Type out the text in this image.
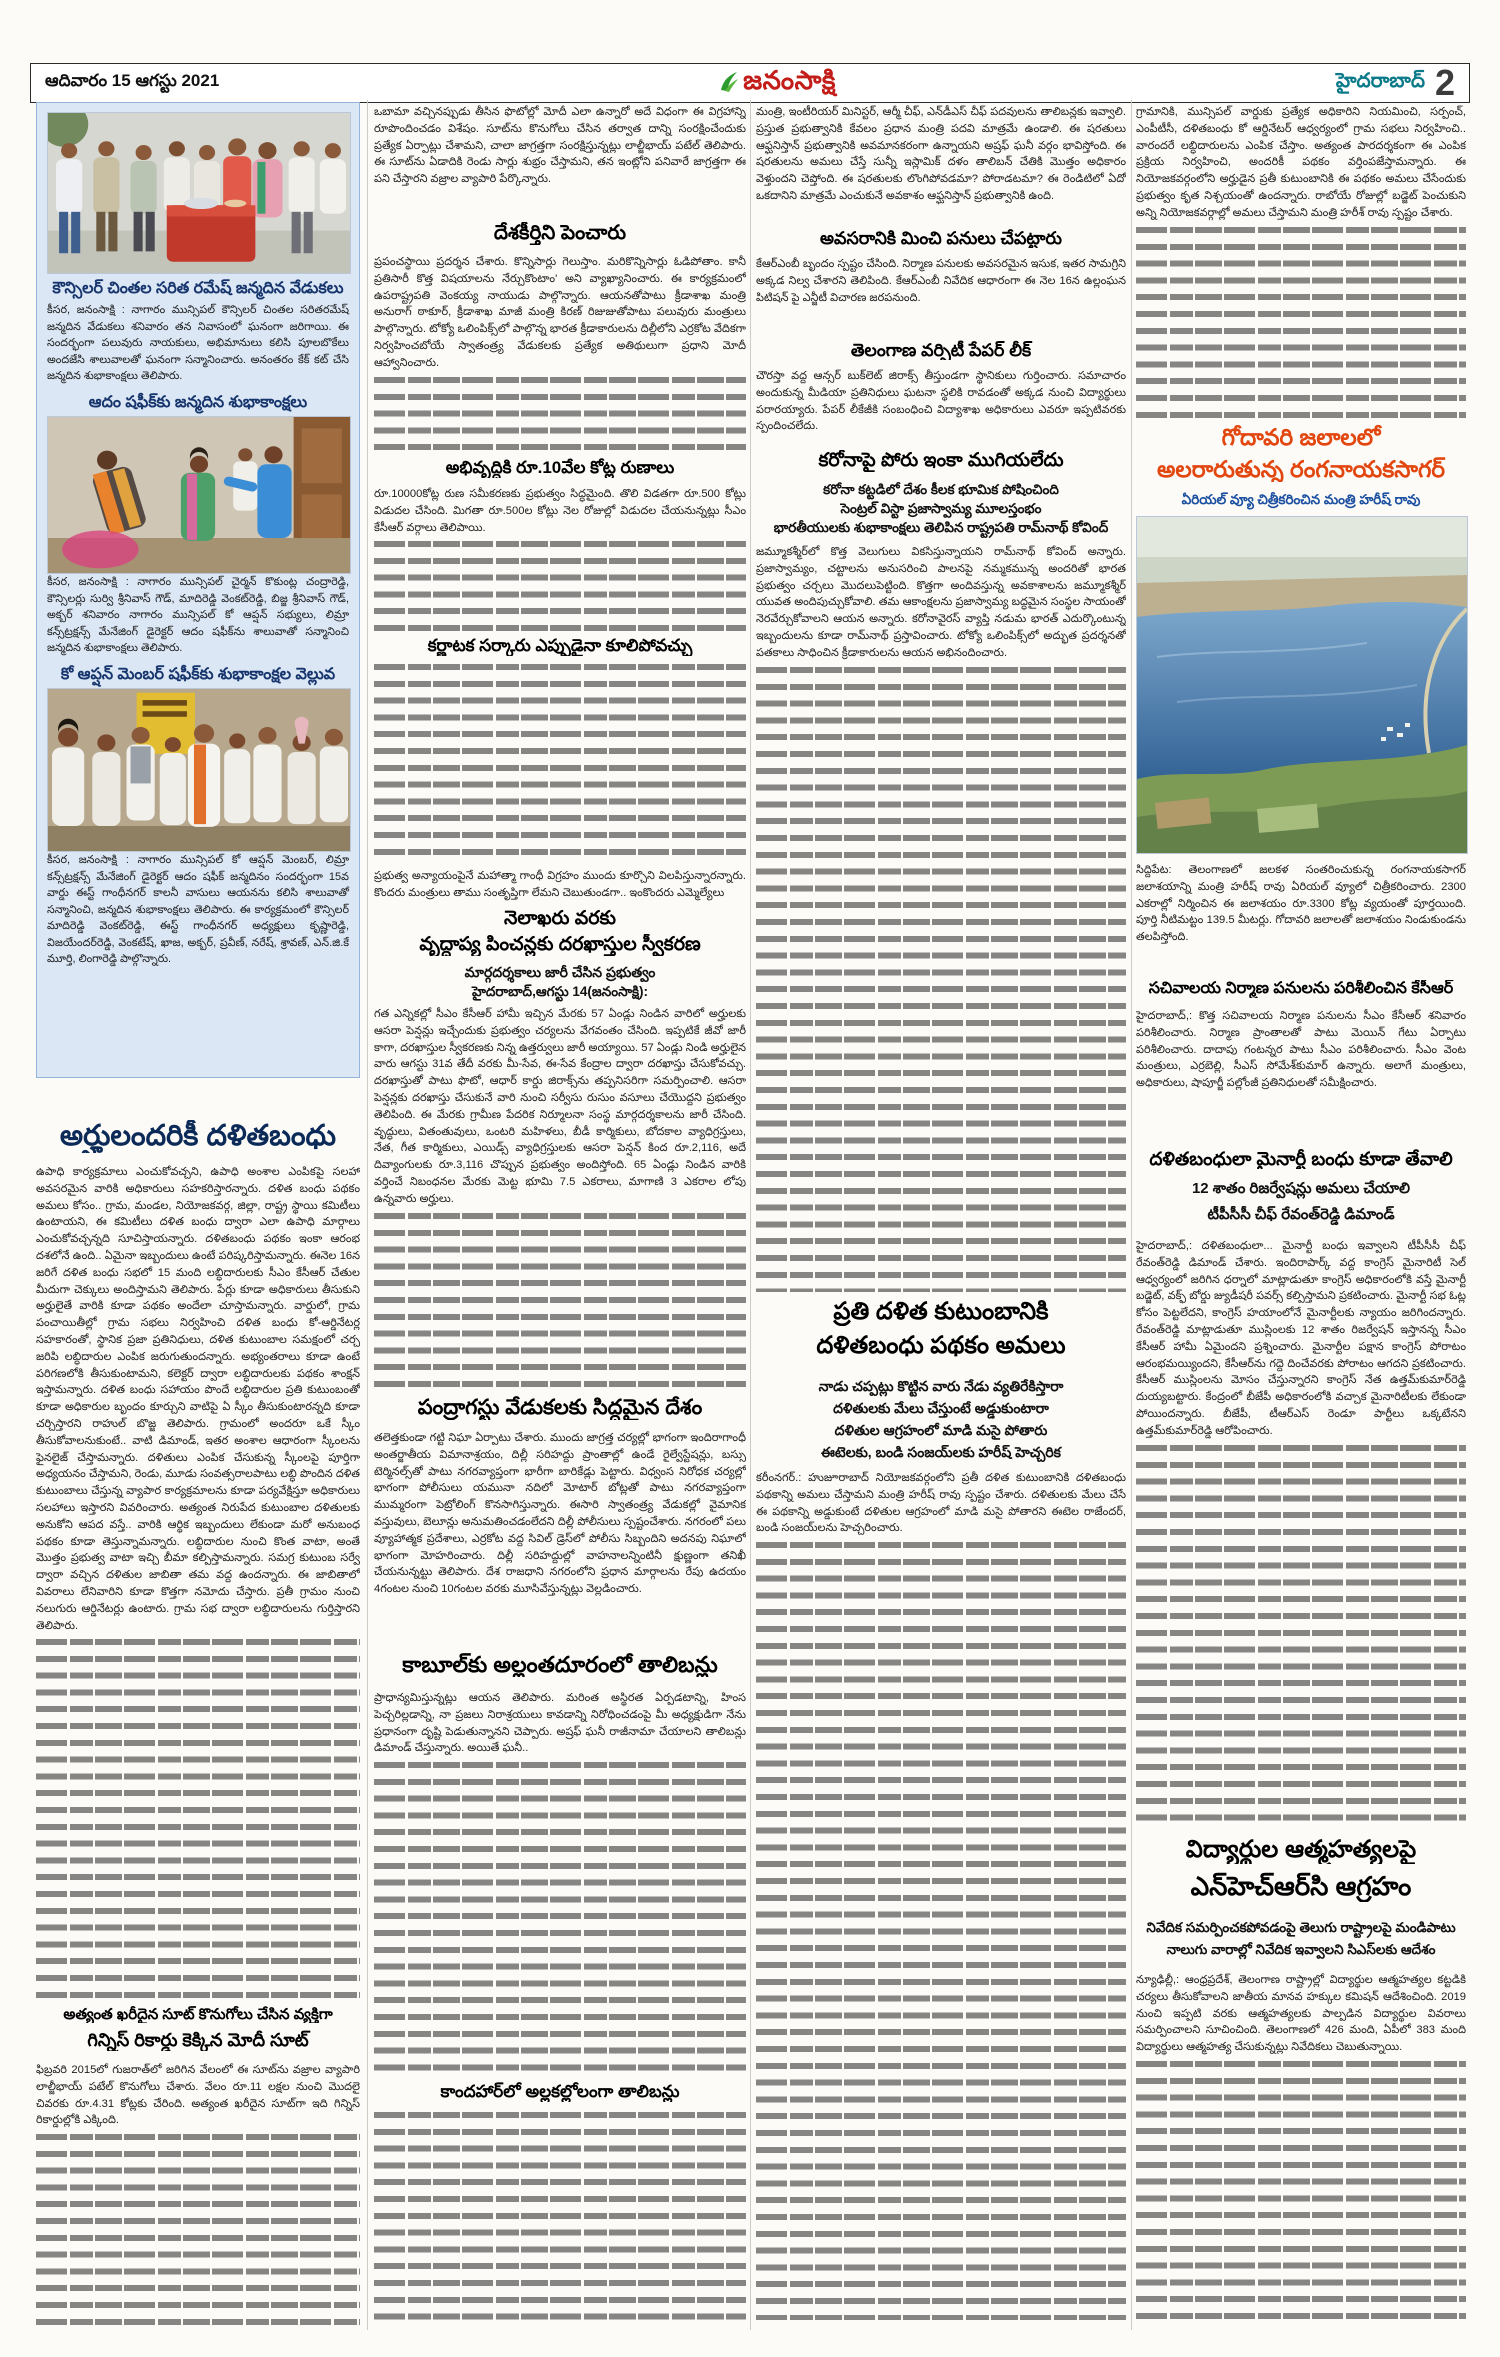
ఆదివారం 15 ఆగస్టు 2021	జనంసాక్షి	హైదరాబాద్ 2
కౌన్సిలర్ చింతల సరిత రమేష్ జన్మదిన వేడుకలు
కీసర, జనంసాక్షి : నాగారం మున్సిపల్ కౌన్సిలర్ చింతల సరితరమేష్ జన్మదిన వేడుకలు శనివారం తన నివాసంలో ఘనంగా జరిగాయి. ఈ సందర్భంగా పలువురు నాయకులు, అభిమానులు కలిసి పూలబొకేలు అందజేసి శాలువాలతో ఘనంగా సన్మానించారు. అనంతరం కేక్ కట్ చేసి జన్మదిన శుభాకాంక్షలు తెలిపారు.
ఆదం షఫీక్‌కు జన్మదిన శుభాకాంక్షలు
కీసర, జనంసాక్షి : నాగారం మున్సిపల్ చైర్మన్ కొకుంట్ల చంద్రారెడ్డి, కౌన్సిలర్లు సుర్వి శ్రీనివాస్ గౌడ్, మాదిరెడ్డి వెంకట్‌రెడ్డి, బిజ్జ శ్రీనివాస్ గౌడ్, అక్బర్ శనివారం నాగారం మున్సిపల్ కో ఆప్షన్ సభ్యులు, లిమ్రా కన్స్‌ట్రక్షన్స్ మేనేజింగ్ డైరెక్టర్ ఆదం షఫీక్‌ను శాలువాతో సన్మానించి జన్మదిన శుభాకాంక్షలు తెలిపారు.
కో ఆప్షన్ మెంబర్ షఫీక్‌కు శుభాకాంక్షల వెల్లువ
కీసర, జనంసాక్షి : నాగారం మున్సిపల్ కో ఆప్షన్ మెంబర్, లిమ్రా కన్స్‌ట్రక్షన్స్ మేనేజింగ్ డైరెక్టర్ ఆదం షఫీక్ జన్మదినం సందర్భంగా 15వ వార్డు ఈస్ట్ గాంధీనగర్ కాలనీ వాసులు ఆయనను కలిసి శాలువాతో సన్మానించి, జన్మదిన శుభాకాంక్షలు తెలిపారు. ఈ కార్యక్రమంలో కౌన్సిలర్ మాదిరెడ్డి వెంకట్‌రెడ్డి, ఈస్ట్ గాంధీనగర్ అధ్యక్షులు కృష్ణారెడ్డి, విజయేందర్‌రెడ్డి, వెంకటేష్, ఖాజ, అక్బర్, ప్రవీణ్, నరేష్, శ్రావణ్, ఎన్.జి.కే మూర్తి, లింగారెడ్డి పాల్గొన్నారు.
అర్హులందరికీ దళితబంధు
ఉపాధి కార్యక్రమాలు ఎంచుకోవచ్చని, ఉపాధి అంశాల ఎంపికపై సలహా అవసరమైన వారికి అధికారులు సహకరిస్తారన్నారు. దళిత బంధు పథకం అమలు కోసం.. గ్రామ, మండల, నియోజకవర్గ, జిల్లా, రాష్ట్ర స్థాయి కమిటీలు ఉంటాయని, ఈ కమిటీలు దళిత బంధు ద్వారా ఎలా ఉపాధి మార్గాలు ఎంచుకోవచ్చన్నది సూచిస్తాయన్నారు. దళితబంధు పథకం ఇంకా ఆరంభ దశలోనే ఉంది.. ఏమైనా ఇబ్బందులు ఉంటే పరిష్కరిస్తామన్నారు. ఈనెల 16న జరిగే దళిత బంధు సభలో 15 మంది లబ్ధిదారులకు సీఎం కేసీఆర్ చేతుల మీదుగా చెక్కులు అందిస్తామని తెలిపారు. పేర్లు కూడా అధికారులు తీసుకుని అర్హులైతే వారికి కూడా పథకం అందేలా చూస్తామన్నారు. వార్డులో, గ్రామ పంచాయితీల్లో గ్రామ సభలు నిర్వహించి దళిత బంధు కో-ఆర్డినేటర్ల సహకారంతో, స్థానిక ప్రజా ప్రతినిధులు, దళిత కుటుంబాల సమక్షంలో చర్చ జరిపి లబ్ధిదారుల ఎంపిక జరుగుతుందన్నారు. అభ్యంతరాలు కూడా ఉంటే పరిగణలోకి తీసుకుంటామని, కలెక్టర్ ద్వారా లబ్ధిదారులకు పథకం శాంక్షన్ ఇస్తామన్నారు. దళిత బంధు సహాయం పొందే లబ్ధిదారుల ప్రతి కుటుంబంతో కూడా అధికారుల బృందం కూర్చుని వాటిపై ఏ స్కీం తీసుకుంటారన్నది కూడా చర్చిస్తారని రాహుల్ బొజ్జ తెలిపారు. గ్రామంలో అందరూ ఒకే స్కీం తీసుకోవాలనుకుంటే.. వాటి డిమాండ్, ఇతర అంశాల ఆధారంగా స్కీంలను ఫైనలైజ్ చేస్తామన్నారు. దళితులు ఎంపిక చేసుకున్న స్కీంలపై పూర్తిగా అధ్యయనం చేస్తామని, రెండు, మూడు సంవత్సరాలపాటు లబ్ధి పొందిన దళిత కుటుంబాలు చేస్తున్న వ్యాపార కార్యక్రమాలను కూడా పర్యవేక్షిస్తూ అధికారులు సలహాలు ఇస్తారని వివరించారు. అత్యంత నిరుపేద కుటుంబాల దళితులకు అనుకోని ఆపద వస్తే.. వారికి ఆర్థిక ఇబ్బందులు లేకుండా మరో అనుబంధ పథకం కూడా తెస్తున్నామన్నారు. లబ్ధిదారుల నుంచి కొంత వాటా, అంతే మొత్తం ప్రభుత్వ వాటా ఇచ్చి బీమా కల్పిస్తామన్నారు. సమగ్ర కుటుంబ సర్వే ద్వారా వచ్చిన దళితుల జాబితా తమ వద్ద ఉందన్నారు. ఈ జాబితాలో వివరాలు లేనివారిని కూడా కొత్తగా నమోదు చేస్తారు. ప్రతీ గ్రామం నుంచి నలుగురు ఆర్డినేటర్లు ఉంటారు. గ్రామ సభ ద్వారా లబ్ధిదారులను గుర్తిస్తారని తెలిపారు.
అత్యంత ఖరీదైన సూట్ కొనుగోలు చేసిన వ్యక్తిగా
గిన్నిస్ రికార్డు కెక్కిన మోదీ సూట్
ఫిబ్రవరి 2015లో గుజరాత్‌లో జరిగిన వేలంలో ఈ సూట్‌ను వజ్రాల వ్యాపారి లాల్జీభాయ్ పటేల్ కొనుగోలు చేశారు. వేలం రూ.11 లక్షల నుంచి మొదలై చివరకు రూ.4.31 కోట్లకు చేరింది. అత్యంత ఖరీదైన సూట్‌గా ఇది గిన్నిస్ రికార్డుల్లోకి ఎక్కింది.
ఒబామా వచ్చినప్పుడు తీసిన ఫొటోల్లో మోదీ ఎలా ఉన్నారో అదే విధంగా ఈ విగ్రహాన్ని రూపొందించడం విశేషం. సూట్‌ను కొనుగోలు చేసిన తర్వాత దాన్ని సంరక్షించేందుకు ప్రత్యేక ఏర్పాట్లు చేశామని, చాలా జాగ్రత్తగా సంరక్షిస్తున్నట్లు లాల్జీభాయ్ పటేల్ తెలిపారు. ఈ సూట్‌ను ఏడాదికి రెండు సార్లు శుభ్రం చేస్తామని, తన ఇంట్లోని పనివారే జాగ్రత్తగా ఈ పని చేస్తారని వజ్రాల వ్యాపారి పేర్కొన్నారు.
దేశకీర్తిని పెంచారు
ప్రపంచస్థాయి ప్రదర్శన చేశారు. కొన్నిసార్లు గెలుస్తాం. మరికొన్నిసార్లు ఓడిపోతాం. కానీ ప్రతిసారీ కొత్త విషయాలను నేర్చుకొంటాం' అని వ్యాఖ్యానించారు. ఈ కార్యక్రమంలో ఉపరాష్ట్రపతి వెంకయ్య నాయుడు పాల్గొన్నారు. ఆయనతోపాటు క్రీడాశాఖ మంత్రి అనురాగ్ ఠాకూర్, క్రీడాశాఖ మాజీ మంత్రి కిరణ్ రిజుజుతోపాటు పలువురు మంత్రులు పాల్గొన్నారు. టోక్యో ఒలింపిక్స్‌లో పాల్గొన్న భారత క్రీడాకారులను దిల్లీలోని ఎర్రకోట వేదికగా నిర్వహించబోయే స్వాతంత్ర్య వేడుకలకు ప్రత్యేక అతిథులుగా ప్రధాని మోదీ ఆహ్వానించారు.
అభివృద్ధికి రూ.10వేల కోట్ల రుణాలు
రూ.10000కోట్ల రుణ సమీకరణకు ప్రభుత్వం సిద్ధమైంది. తొలి విడతగా రూ.500 కోట్లు విడుదల చేసింది. మిగతా రూ.500ల కోట్లు నెల రోజుల్లో విడుదల చేయనున్నట్లు సీఎం కేసీఆర్ వర్గాలు తెలిపాయి.
కర్ణాటక సర్కారు ఎప్పుడైనా కూలిపోవచ్చు
ప్రభుత్వ అన్యాయంపైనే మహాత్మా గాంధీ విగ్రహం ముందు కూర్చొని విలపిస్తున్నారన్నారు. కొందరు మంత్రులు తాము సంతృప్తిగా లేమని చెబుతుండగా.. ఇంకొందరు ఎమ్మెల్యేలు
నెలాఖరు వరకు
వృద్ధాప్య పించన్లకు దరఖాస్తుల స్వీకరణ
మార్గదర్శకాలు జారీ చేసిన ప్రభుత్వం
హైదరాబాద్,ఆగస్టు 14(జనంసాక్షి):
గత ఎన్నికల్లో సీఎం కేసీఆర్ హామీ ఇచ్చిన మేరకు 57 ఏండ్లు నిండిన వారిలో అర్హులకు ఆసరా పెన్షన్లు ఇచ్చేందుకు ప్రభుత్వం చర్యలను వేగవంతం చేసింది. ఇప్పటికే జీవో జారీ కాగా, దరఖాస్తుల స్వీకరణకు నిన్న ఉత్తర్వులు జారీ అయ్యాయి. 57 ఏండ్లు నిండి అర్హులైన వారు ఆగస్టు 31వ తేదీ వరకు మీ-సేవ, ఈ-సేవ కేంద్రాల ద్వారా దరఖాస్తు చేసుకోవచ్చు. దరఖాస్తుతో పాటు ఫొటో, ఆధార్ కార్డు జిరాక్స్‌ను తప్పనిసరిగా సమర్పించాలి. ఆసరా పెన్షన్లకు దరఖాస్తు చేసుకునే వారి నుంచి సర్వీసు రుసుం వసూలు చేయొద్దని ప్రభుత్వం తెలిపింది. ఈ మేరకు గ్రామీణ పేదరిక నిర్మూలనా సంస్థ మార్గదర్శకాలను జారీ చేసింది. వృద్ధులు, వితంతువులు, ఒంటరి మహిళలు, బీడీ కార్మికులు, బోదకాల వ్యాధిగ్రస్తులు, నేత, గీత కార్మికులు, ఎయిడ్స్ వ్యాధిగ్రస్తులకు ఆసరా పెన్షన్ కింద రూ.2,116, అదే దివ్యాంగులకు రూ.3,116 చొప్పున ప్రభుత్వం అందిస్తోంది. 65 ఏండ్లు నిండిన వారికి వర్తించే నిబంధనల మేరకు మెట్ట భూమి 7.5 ఎకరాలు, మాగాణి 3 ఎకరాల లోపు ఉన్నవారు అర్హులు.
పంద్రాగస్టు వేడుకలకు సిద్ధమైన దేశం
తలెత్తకుండా గట్టి నిఘా ఏర్పాటు చేశారు. ముందు జాగ్రత్త చర్యల్లో భాగంగా ఇందిరాగాంధీ అంతర్జాతీయ విమానాశ్రయం, దిల్లీ సరిహద్దు ప్రాంతాల్లో ఉండే రైల్వేస్టేషన్లు, బస్సు టెర్మినల్స్‌తో పాటు నగరవ్యాప్తంగా భారీగా బారికేడ్లు పెట్టారు. విధ్వంస నిరోధక చర్యల్లో భాగంగా పోలీసులు యమునా నదిలో మోటార్ బోట్లతో పాటు నగరవ్యాప్తంగా ముమ్మరంగా పెట్రోలింగ్ కొనసాగిస్తున్నారు. ఈసారి స్వాతంత్ర్య వేడుకల్లో వైమానిక వస్తువులు, బెలూన్లు అనుమతించడంలేదని దిల్లీ పోలీసులు స్పష్టంచేశారు. నగరంలో పలు వ్యూహాత్మక ప్రదేశాలు, ఎర్రకోట వద్ద సివిల్ డ్రెస్‌లో పోలీసు సిబ్బందిని అదనపు నిఘాలో భాగంగా మోహరించారు. దిల్లీ సరిహద్దుల్లో వాహనాలన్నింటినీ క్షుణ్ణంగా తనిఖీ చేయనున్నట్టు తెలిపారు. దేశ రాజధాని నగరంలోని ప్రధాన మార్గాలను రేపు ఉదయం 4గంటల నుంచి 10గంటల వరకు మూసివేస్తున్నట్లు వెల్లడించారు.
కాబూల్‌కు అల్లంతదూరంలో తాలిబన్లు
ప్రాధాన్యమిస్తున్నట్లు ఆయన తెలిపారు. మరింత అస్థిరత ఏర్పడటాన్ని, హింస పెచ్చరిల్లడాన్ని, నా ప్రజలు నిరాశ్రయులు కావడాన్ని నిరోధించడంపై మీ అధ్యక్షుడిగా నేను ప్రధానంగా దృష్టి పెడుతున్నానని చెప్పారు. అష్రఫ్ ఘనీ రాజీనామా చేయాలని తాలిబన్లు డిమాండ్ చేస్తున్నారు. అయితే ఘనీ..
కాందహార్‌లో అల్లకల్లోలంగా తాలిబన్లు
మంత్రి, ఇంటీరియర్ మినిస్టర్, ఆర్మీ చీఫ్, ఎన్‌డీఎస్ చీఫ్ పదవులను తాలిబన్లకు ఇవ్వాలి. ప్రస్తుత ప్రభుత్వానికి కేవలం ప్రధాన మంత్రి పదవి మాత్రమే ఉండాలి. ఈ షరతులు ఆఫ్ఘనిస్తాన్ ప్రభుత్వానికి అవమానకరంగా ఉన్నాయని అష్రఫ్ ఘనీ వర్గం భావిస్తోంది. ఈ షరతులను అమలు చేస్తే సున్నీ ఇస్లామిక్ దళం తాలిబన్ చేతికి మొత్తం అధికారం వెళ్తుందని చెప్తోంది. ఈ షరతులకు లొంగిపోవడమా? పోరాడటమా? ఈ రెండిటిలో ఏదో ఒకదానిని మాత్రమే ఎంచుకునే అవకాశం ఆఫ్ఘనిస్తాన్ ప్రభుత్వానికి ఉంది.
అవసరానికి మించి పనులు చేపట్టారు
కేఆర్ఎంబీ బృందం స్పష్టం చేసింది. నిర్మాణ పనులకు అవసరమైన ఇసుక, ఇతర సామగ్రిని అక్కడ నిల్వ చేశారని తెలిపింది. కేఆర్ఎంబీ నివేదిక ఆధారంగా ఈ నెల 16న ఉల్లంఘన పిటిషన్ పై ఎన్జీటీ విచారణ జరపనుంది.
తెలంగాణ వర్సిటీ పేపర్ లీక్
చౌరస్తా వద్ద ఆన్సర్ బుక్‌లెట్ జిరాక్స్ తీస్తుండగా స్థానికులు గుర్తించారు. సమాచారం అందుకున్న మీడియా ప్రతినిధులు ఘటనా స్థలికి రావడంతో అక్కడ నుంచి విద్యార్థులు పరారయ్యారు. పేపర్ లీకేజీకి సంబంధించి విద్యాశాఖ అధికారులు ఎవరూ ఇప్పటివరకు స్పందించలేదు.
కరోనాపై పోరు ఇంకా ముగియలేదు
కరోనా కట్టడిలో దేశం కీలక భూమిక పోషించింది
సెంట్రల్ విస్టా ప్రజాస్వామ్య మూలస్తంభం
భారతీయులకు శుభాకాంక్షలు తెలిపిన రాష్ట్రపతి రామ్‌నాథ్ కోవింద్
జమ్మూకశ్మీర్‌లో కొత్త వెలుగులు వికసిస్తున్నాయని రామ్‌నాథ్ కోవింద్ అన్నారు. ప్రజాస్వామ్యం, చట్టాలను అనుసరించి పాలనపై నమ్మకమున్న అందరితో భారత ప్రభుత్వం చర్చలు మొదలుపెట్టింది. కొత్తగా అందివస్తున్న అవకాశాలను జమ్మూకశ్మీర్ యువత అందిపుచ్చుకోవాలి. తమ ఆకాంక్షలను ప్రజాస్వామ్య బద్ధమైన సంస్థల సాయంతో నెరవేర్చుకోవాలని ఆయన అన్నారు. కరోనావైరస్ వ్యాప్తి నడుమ భారత్ ఎదుర్కొంటున్న ఇబ్బందులను కూడా రామ్‌నాథ్ ప్రస్తావించారు. టోక్యో ఒలింపిక్స్‌లో అద్భుత ప్రదర్శనతో పతకాలు సాధించిన క్రీడాకారులను ఆయన అభినందించారు.
ప్రతి దళిత కుటుంబానికి
దళితబంధు పథకం అమలు
నాడు చప్పట్లు కొట్టిన వారు నేడు వ్యతిరేకిస్తారా
దళితులకు మేలు చేస్తుంటే అడ్డుకుంటారా
దళితుల ఆగ్రహంలో మాడి మసై పోతారు
ఈటెలకు, బండి సంజయ్‌లకు హరీష్ హెచ్చరిక
కరీంనగర్.: హుజూరాబాద్ నియోజకవర్గంలోని ప్రతీ దళిత కుటుంబానికి దళితబంధు పథకాన్ని అమలు చేస్తామని మంత్రి హరీష్ రావు స్పష్టం చేశారు. దళితులకు మేలు చేసే ఈ పథకాన్ని అడ్డుకుంటే దళితుల ఆగ్రహంలో మాడి మసై పోతారని ఈటెల రాజేందర్, బండి సంజయ్‌లను హెచ్చరించారు.
గ్రామానికి, మున్సిపల్ వార్డుకు ప్రత్యేక అధికారిని నియమించి, సర్పంచ్, ఎంపీటీసీ, దళితబంధు కో ఆర్డినేటర్ ఆధ్వర్యంలో గ్రామ సభలు నిర్వహించి.. వారందరే లబ్ధిదారులను ఎంపిక చేస్తాం. అత్యంత పారదర్శకంగా ఈ ఎంపిక ప్రక్రియ నిర్వహించి, అందరికీ పథకం వర్తింపజేస్తామన్నారు. ఈ నియోజకవర్గంలోని అర్హుడైన ప్రతీ కుటుంబానికి ఈ పథకం అమలు చేసేందుకు ప్రభుత్వం కృత నిశ్చయంతో ఉందన్నారు. రాబోయే రోజుల్లో బడ్జెట్ పెంచుకుని అన్ని నియోజకవర్గాల్లో అమలు చేస్తామని మంత్రి హరీశ్ రావు స్పష్టం చేశారు.
గోదావరి జలాలలో
అలరారుతున్న రంగనాయకసాగర్
ఏరియల్ వ్యూ చిత్రీకరించిన మంత్రి హరీష్ రావు
సిద్దిపేట: తెలంగాణలో జలకళ సంతరించుకున్న రంగనాయకసాగర్ జలాశయాన్ని మంత్రి హరీష్ రావు ఏరియల్ వ్యూలో చిత్రీకరించారు. 2300 ఎకరాల్లో నిర్మించిన ఈ జలాశయం రూ.3300 కోట్ల వ్యయంతో పూర్తయింది. పూర్తి నీటిమట్టం 139.5 మీటర్లు. గోదావరి జలాలతో జలాశయం నిండుకుండను తలపిస్తోంది.
సచివాలయ నిర్మాణ పనులను పరిశీలించిన కేసీఆర్
హైదరాబాద్,: కొత్త సచివాలయ నిర్మాణ పనులను సీఎం కేసీఆర్ శనివారం పరిశీలించారు. నిర్మాణ ప్రాంతాలతో పాటు మెయిన్ గేటు ఏర్పాటు పరిశీలించారు. దాదాపు గంటన్నర పాటు సీఎం పరిశీలించారు. సీఎం వెంట మంత్రులు, ఎర్రబెల్లి, సీఎస్ సోమేశ్‌కుమార్ ఉన్నారు. అలాగే మంత్రులు, అధికారులు, షాపూర్జీ పల్లోంజీ ప్రతినిధులతో సమీక్షించారు.
దళితబంధులా మైనార్టీ బంధు కూడా తేవాలి
12 శాతం రిజర్వేషన్లు అమలు చేయాలి
టీపీసీసీ చీఫ్ రేవంత్‌రెడ్డి డిమాండ్
హైదరాబాద్,: దళితబంధులా... మైనార్టీ బంధు ఇవ్వాలని టీపీసీసీ చీఫ్ రేవంత్‌రెడ్డి డిమాండ్ చేశారు. ఇందిరాపార్క్ వద్ద కాంగ్రెస్ మైనారిటీ సెల్ ఆధ్వర్యంలో జరిగిన ధర్నాలో మాట్లాడుతూ కాంగ్రెస్ అధికారంలోకి వస్తే మైనార్టీ బడ్జెట్, వక్ఫ్ బోర్డు జ్యుడీషరీ పవర్స్ కల్పిస్తామని ప్రకటించారు. మైనార్టీ సభ ఓట్ల కోసం పెట్టలేదని, కాంగ్రెస్ హయాంలోనే మైనార్టీలకు న్యాయం జరిగిందన్నారు. రేవంత్‌రెడ్డి మాట్లాడుతూ ముస్లింలకు 12 శాతం రిజర్వేషన్ ఇస్తానన్న సీఎం కేసీఆర్ హామీ ఏమైందని ప్రశ్నించారు. మైనార్టీల పక్షాన కాంగ్రెస్ పోరాటం ఆరంభమయ్యిందని, కేసీఆర్‌ను గద్దె దించేవరకు పోరాటం ఆగదని ప్రకటించారు. కేసీఆర్ ముస్లింలను మోసం చేస్తున్నారని కాంగ్రెస్ నేత ఉత్తమ్‌కుమార్‌రెడ్డి దుయ్యబట్టారు. కేంద్రంలో బీజేపీ అధికారంలోకి వచ్చాక మైనారిటీలకు లేకుండా పోయిందన్నారు. బీజేపీ, టీఆర్ఎస్ రెండూ పార్టీలు ఒక్కటేనని ఉత్తమ్‌కుమార్‌రెడ్డి ఆరోపించారు.
విద్యార్థుల ఆత్మహత్యలపై
ఎన్‌హెచ్ఆర్‌సి ఆగ్రహం
నివేదిక సమర్పించకపోవడంపై తెలుగు రాష్ట్రాలపై మండిపాటు
నాలుగు వారాల్లో నివేదిక ఇవ్వాలని సిఎస్‌లకు ఆదేశం
న్యూఢిల్లీ,: ఆంధ్రప్రదేశ్, తెలంగాణ రాష్ట్రాల్లో విద్యార్థుల ఆత్మహత్యల కట్టడికి చర్యలు తీసుకోవాలని జాతీయ మానవ హక్కుల కమిషన్ ఆదేశించింది. 2019 నుంచి ఇప్పటి వరకు ఆత్మహత్యలకు పాల్పడిన విద్యార్థుల వివరాలు సమర్పించాలని సూచించింది. తెలంగాణలో 426 మంది, ఏపీలో 383 మంది విద్యార్థులు ఆత్మహత్య చేసుకున్నట్లు నివేదికలు చెబుతున్నాయి.
